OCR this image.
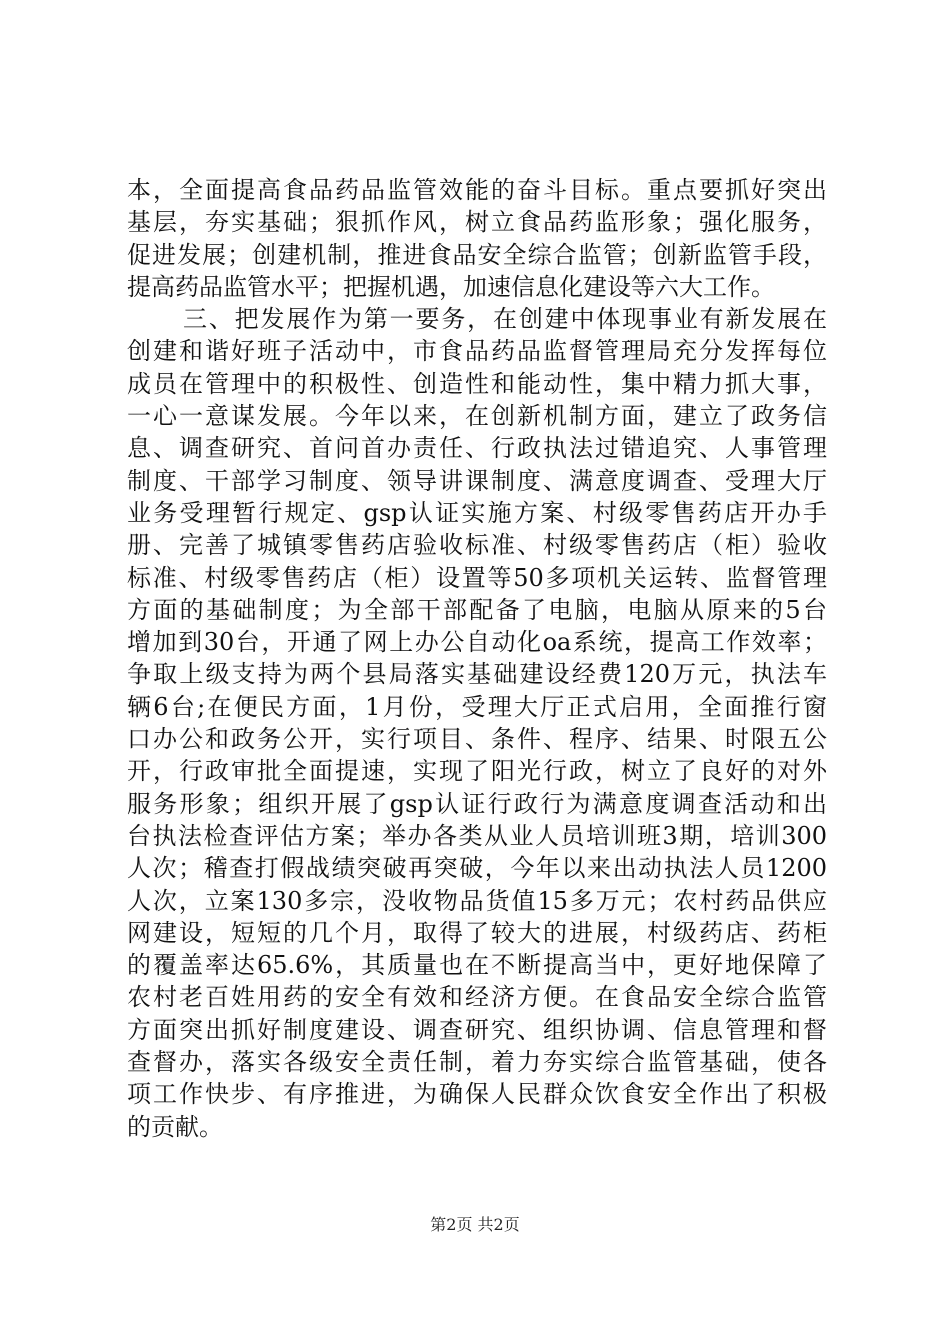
本，全面提高食品药品监管效能的奋斗目标。重点要抓好突出
基层，夯实基础；狠抓作风，树立食品药监形象；强化服务，
促进发展；创建机制，推进食品安全综合监管；创新监管手段，
提高药品监管水平；把握机遇，加速信息化建设等六大工作。
三、把发展作为第一要务，在创建中体现事业有新发展在
创建和谐好班子活动中，市食品药品监督管理局充分发挥每位
成员在管理中的积极性、创造性和能动性，集中精力抓大事，
一心一意谋发展。今年以来，在创新机制方面，建立了政务信
息、调查研究、首问首办责任、行政执法过错追究、人事管理
制度、干部学习制度、领导讲课制度、满意度调查、受理大厅
业务受理暂行规定、gsp认证实施方案、村级零售药店开办手
册、完善了城镇零售药店验收标准、村级零售药店（柜）验收
标准、村级零售药店（柜）设置等50多项机关运转、监督管理
方面的基础制度；为全部干部配备了电脑，电脑从原来的5台
增加到30台，开通了网上办公自动化oa系统，提高工作效率；
争取上级支持为两个县局落实基础建设经费120万元，执法车
辆6台;在便民方面，1月份，受理大厅正式启用，全面推行窗
口办公和政务公开，实行项目、条件、程序、结果、时限五公
开，行政审批全面提速，实现了阳光行政，树立了良好的对外
服务形象；组织开展了gsp认证行政行为满意度调查活动和出
台执法检查评估方案；举办各类从业人员培训班3期，培训300
人次；稽查打假战绩突破再突破，今年以来出动执法人员1200
人次，立案130多宗，没收物品货值15多万元；农村药品供应
网建设，短短的几个月，取得了较大的进展，村级药店、药柜
的覆盖率达65.6%，其质量也在不断提高当中，更好地保障了
农村老百姓用药的安全有效和经济方便。在食品安全综合监管
方面突出抓好制度建设、调查研究、组织协调、信息管理和督
查督办，落实各级安全责任制，着力夯实综合监管基础，使各
项工作快步、有序推进，为确保人民群众饮食安全作出了积极
的贡献。
第2页 共2页
